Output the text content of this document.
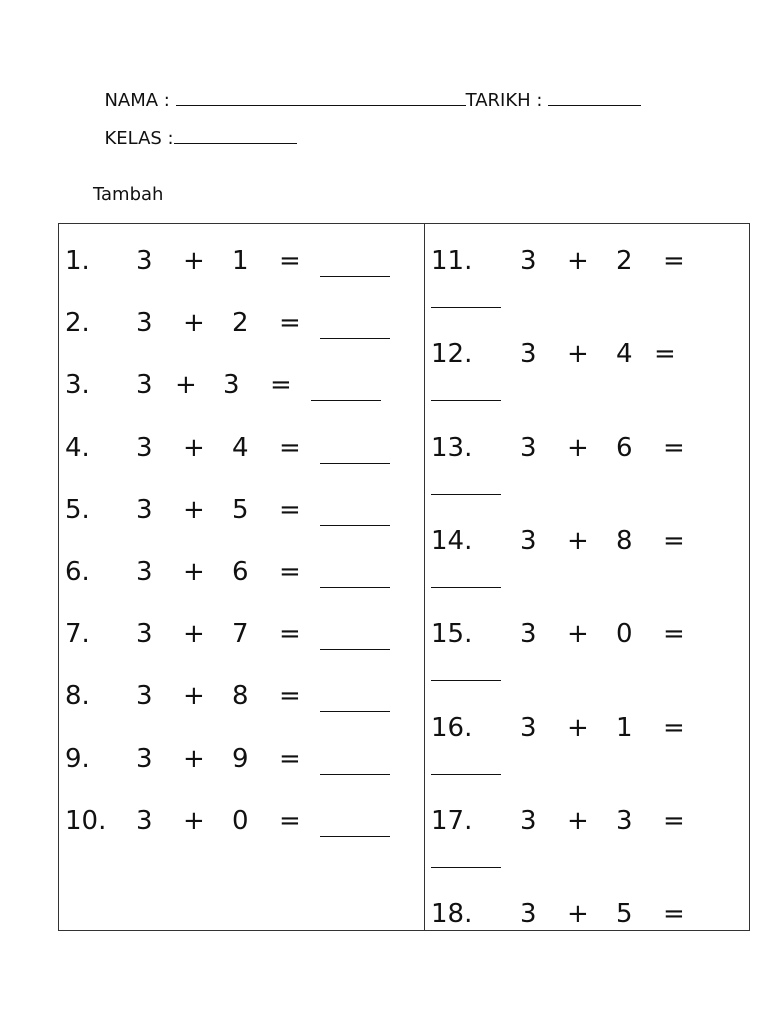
NAMA :	TARIKH :

KELAS :

Tambah
1. 3 + 1 =
2. 3 + 2 =
3. 3 + 3 =
4. 3 + 4 =
5. 3 + 5 =
6. 3 + 6 =
7. 3 + 7 =
8. 3 + 8 =
9. 3 + 9 =
10. 3 + 0 =
11. 3 + 2 =
12. 3 + 4 =
13. 3 + 6 =
14. 3 + 8 =
15. 3 + 0 =
16. 3 + 1 =
17. 3 + 3 =
18. 3 + 5 =
